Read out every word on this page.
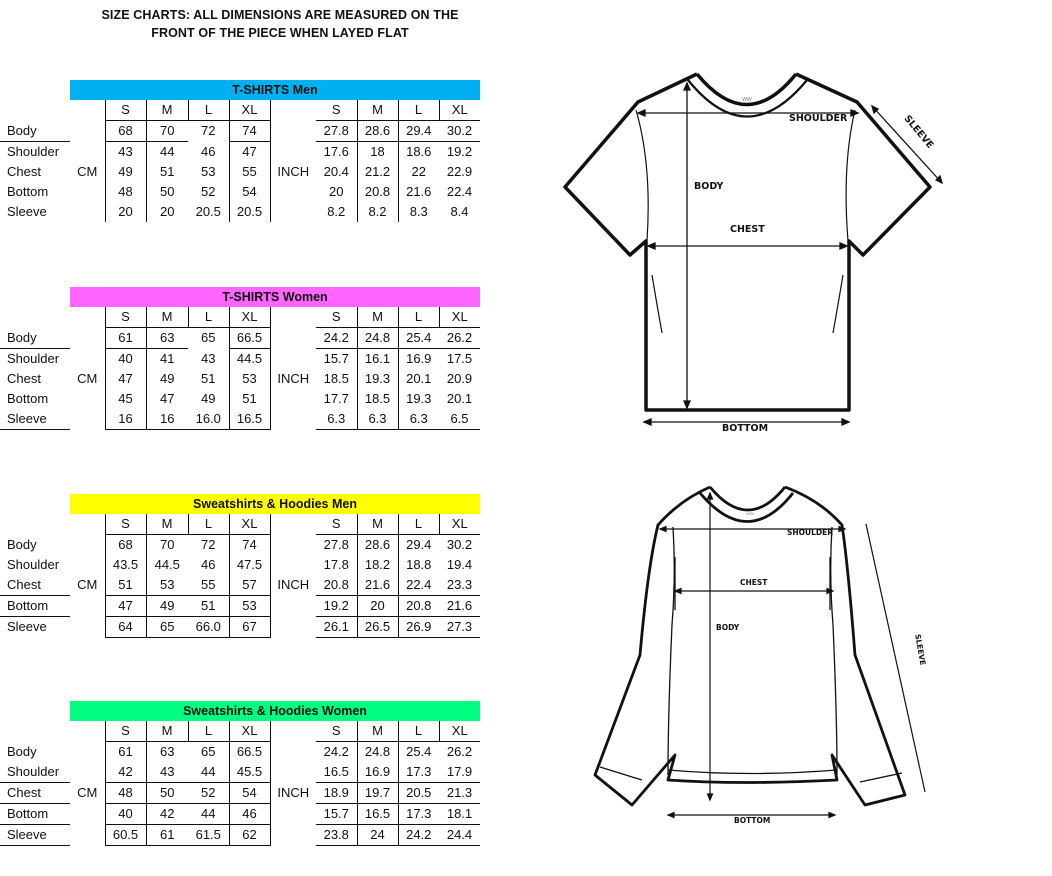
SIZE CHARTS: ALL DIMENSIONS ARE MEASURED ON THE
FRONT OF THE PIECE WHEN LAYED FLAT
T-SHIRTS Men
		S	M	L	XL		S	M	L	XL
Body		68	70	72	74		27.8	28.6	29.4	30.2
Shoulder		43	44	46	47		17.6	18	18.6	19.2
Chest	CM	49	51	53	55	INCH	20.4	21.2	22	22.9
Bottom		48	50	52	54		20	20.8	21.6	22.4
Sleeve		20	20	20.5	20.5		8.2	8.2	8.3	8.4
T-SHIRTS Women
		S	M	L	XL		S	M	L	XL
Body		61	63	65	66.5		24.2	24.8	25.4	26.2
Shoulder		40	41	43	44.5		15.7	16.1	16.9	17.5
Chest	CM	47	49	51	53	INCH	18.5	19.3	20.1	20.9
Bottom		45	47	49	51		17.7	18.5	19.3	20.1
Sleeve		16	16	16.0	16.5		6.3	6.3	6.3	6.5
Sweatshirts & Hoodies Men
		S	M	L	XL		S	M	L	XL
Body		68	70	72	74		27.8	28.6	29.4	30.2
Shoulder		43.5	44.5	46	47.5		17.8	18.2	18.8	19.4
Chest	CM	51	53	55	57	INCH	20.8	21.6	22.4	23.3
Bottom		47	49	51	53		19.2	20	20.8	21.6
Sleeve		64	65	66.0	67		26.1	26.5	26.9	27.3
Sweatshirts & Hoodies Women
		S	M	L	XL		S	M	L	XL
Body		61	63	65	66.5		24.2	24.8	25.4	26.2
Shoulder		42	43	44	45.5		16.5	16.9	17.3	17.9
Chest	CM	48	50	52	54	INCH	18.9	19.7	20.5	21.3
Bottom		40	42	44	46		15.7	16.5	17.3	18.1
Sleeve		60.5	61	61.5	62		23.8	24	24.2	24.4
WW
SHOULDER
BODY
CHEST
BOTTOM
SLEEVE
WW
SHOULDER
CHEST
BODY
BOTTOM
SLEEVE
